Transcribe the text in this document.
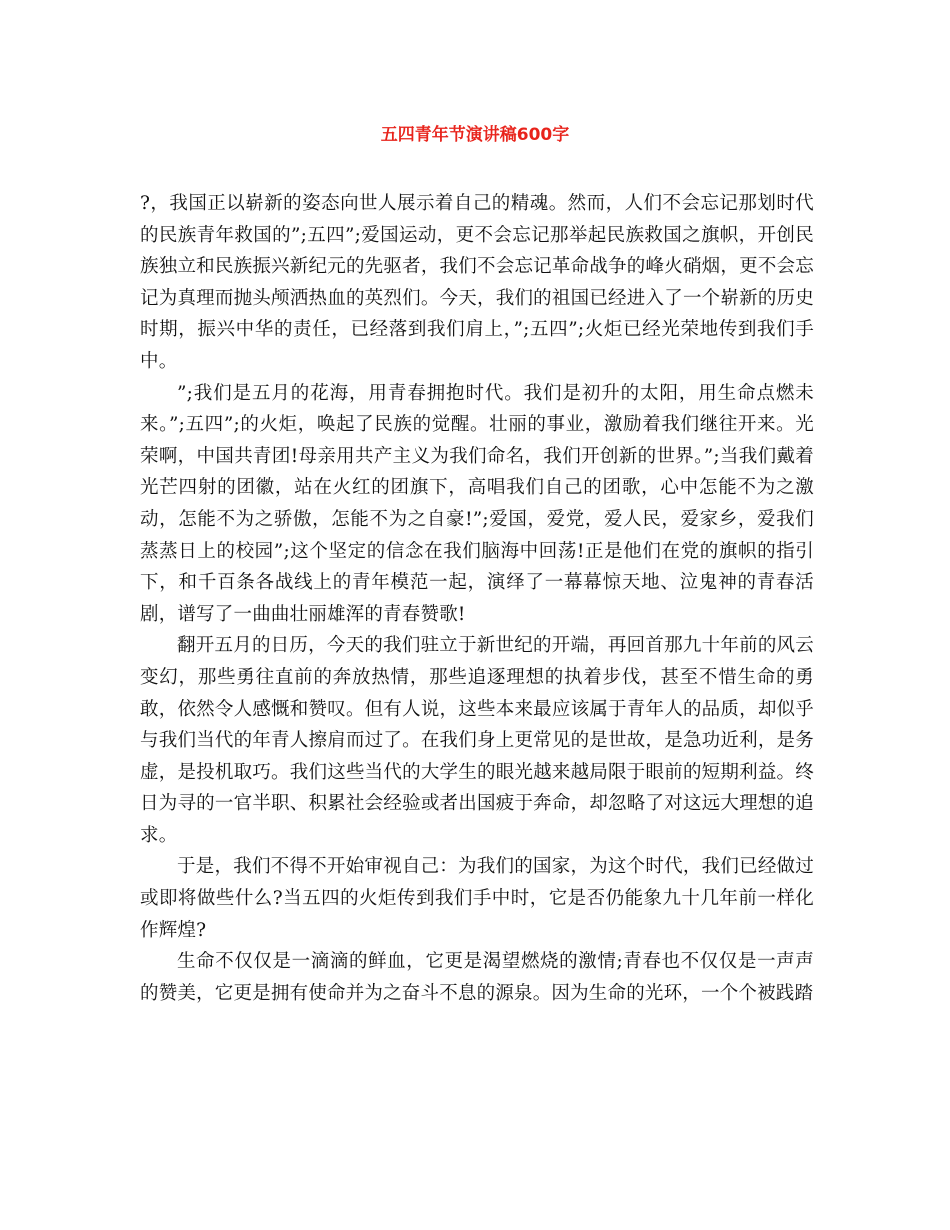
五四青年节演讲稿600字

?，我国正以崭新的姿态向世人展示着自己的精魂。然而，人们不会忘记那划时代的民族青年救国的”;五四”;爱国运动，更不会忘记那举起民族救国之旗帜，开创民族独立和民族振兴新纪元的先驱者，我们不会忘记革命战争的峰火硝烟，更不会忘记为真理而抛头颅洒热血的英烈们。今天，我们的祖国已经进入了一个崭新的历史时期，振兴中华的责任，已经落到我们肩上，”;五四”;火炬已经光荣地传到我们手中。

”;我们是五月的花海，用青春拥抱时代。我们是初升的太阳，用生命点燃未来。”;五四”;的火炬，唤起了民族的觉醒。壮丽的事业，激励着我们继往开来。光荣啊，中国共青团!母亲用共产主义为我们命名，我们开创新的世界。”;当我们戴着光芒四射的团徽，站在火红的团旗下，高唱我们自己的团歌，心中怎能不为之激动，怎能不为之骄傲，怎能不为之自豪!”;爱国，爱党，爱人民，爱家乡，爱我们蒸蒸日上的校园”;这个坚定的信念在我们脑海中回荡!正是他们在党的旗帜的指引下，和千百条各战线上的青年模范一起，演绎了一幕幕惊天地、泣鬼神的青春活剧，谱写了一曲曲壮丽雄浑的青春赞歌!

翻开五月的日历，今天的我们驻立于新世纪的开端，再回首那九十年前的风云变幻，那些勇往直前的奔放热情，那些追逐理想的执着步伐，甚至不惜生命的勇敢，依然令人感慨和赞叹。但有人说，这些本来最应该属于青年人的品质，却似乎与我们当代的年青人擦肩而过了。在我们身上更常见的是世故，是急功近利，是务虚，是投机取巧。我们这些当代的大学生的眼光越来越局限于眼前的短期利益。终日为寻的一官半职、积累社会经验或者出国疲于奔命，却忽略了对这远大理想的追求。

于是，我们不得不开始审视自己：为我们的国家，为这个时代，我们已经做过或即将做些什么?当五四的火炬传到我们手中时，它是否仍能象九十几年前一样化作辉煌?

生命不仅仅是一滴滴的鲜血，它更是渴望燃烧的激情;青春也不仅仅是一声声的赞美，它更是拥有使命并为之奋斗不息的源泉。因为生命的光环，一个个被践踏
